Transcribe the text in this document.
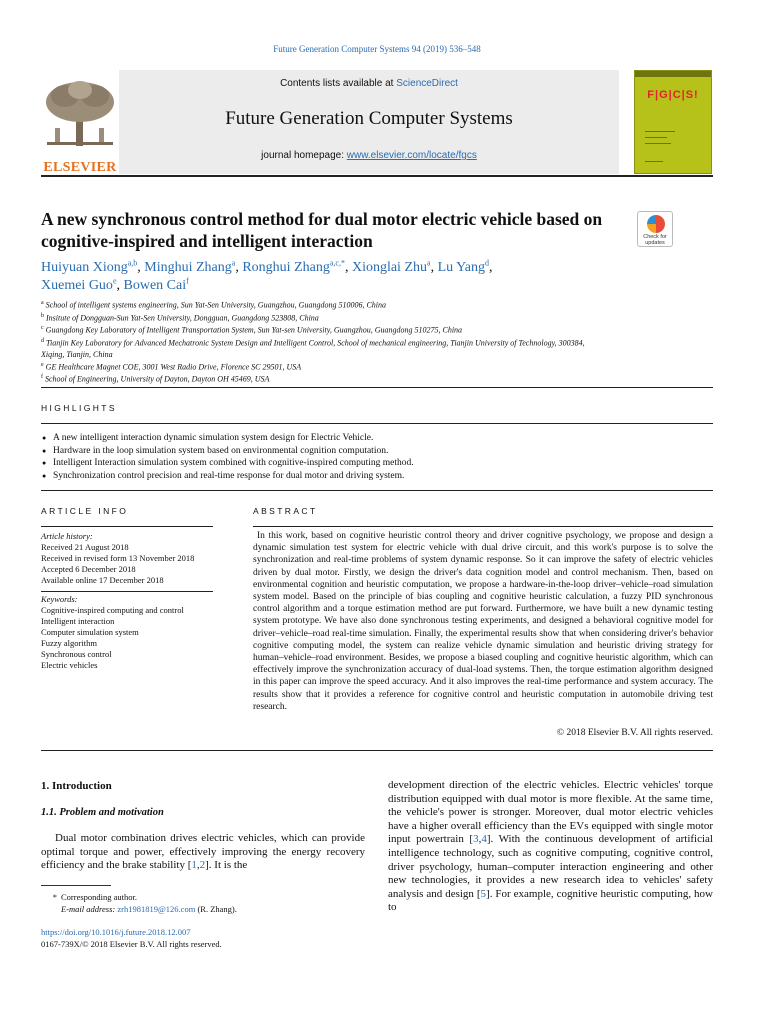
Future Generation Computer Systems 94 (2019) 536–548
ELSEVIER
Contents lists available at ScienceDirect
Future Generation Computer Systems
journal homepage: www.elsevier.com/locate/fgcs
F|G|C|S!
A new synchronous control method for dual motor electric vehicle based on cognitive-inspired and intelligent interaction	Check for updates
Huiyuan Xiong$^{a,b}$, Minghui Zhang$^a$, Ronghui Zhang$^{a,c,*}$, Xionglai Zhu$^a$, Lu Yang$^d$,
Xuemei Guo$^e$, Bowen Cai$^f$
$^a$ School of intelligent systems engineering, Sun Yat-Sen University, Guangzhou, Guangdong 510006, China
$^b$ Insitute of Dongguan-Sun Yat-Sen University, Dongguan, Guangdong 523808, China
$^c$ Guangdong Key Laboratory of Intelligent Transportation System, Sun Yat-sen University, Guangzhou, Guangdong 510275, China
$^d$ Tianjin Key Laboratory for Advanced Mechatronic System Design and Intelligent Control, School of mechanical engineering, Tianjin University of Technology, 300384, Xiqing, Tianjin, China
$^e$ GE Healthcare Magnet COE, 3001 West Radio Drive, Florence SC 29501, USA
$^f$ School of Engineering, University of Dayton, Dayton OH 45469, USA
HIGHLIGHTS
● A new intelligent interaction dynamic simulation system design for Electric Vehicle.
● Hardware in the loop simulation system based on environmental cognition computation.
● Intelligent Interaction simulation system combined with cognitive-inspired computing method.
● Synchronization control precision and real-time response for dual motor and driving system.
ARTICLE INFO	ABSTRACT
Article history:
Received 21 August 2018
Received in revised form 13 November 2018
Accepted 6 December 2018
Available online 17 December 2018
Keywords:
Cognitive-inspired computing and control
Intelligent interaction
Computer simulation system
Fuzzy algorithm
Synchronous control
Electric vehicles

In this work, based on cognitive heuristic control theory and driver cognitive psychology, we propose and design a dynamic simulation test system for electric vehicle with dual drive circuit, and this work's purpose is to solve the synchronization and real-time problems of system dynamic response. So it can improve the safety of electric vehicles driven by dual motor. Firstly, we design the driver's data cognition model and control mechanism. Then, based on environmental cognition and heuristic computation, we propose a hardware-in-the-loop driver–vehicle–road simulation system model. Based on the principle of bias coupling and cognitive heuristic calculation, a fuzzy PID synchronous control algorithm and a torque estimation method are put forward. Furthermore, we have built a new dynamic testing system prototype. We have also done synchronous testing experiments, and designed a behavioral cognitive model for driver–vehicle–road real-time simulation. Finally, the experimental results show that when considering driver's behavior cognitive computing model, the system can realize vehicle dynamic simulation and heuristic driving strategy for human–vehicle–road environment. Besides, we propose a biased coupling and cognitive heuristic algorithm, which can effectively improve the synchronization accuracy of dual-load systems. Then, the torque estimation algorithm designed in this paper can improve the speed accuracy. And it also improves the real-time performance and system accuracy. The results show that it provides a reference for cognitive control and heuristic computation in automobile driving test research.

© 2018 Elsevier B.V. All rights reserved.
1. Introduction
1.1. Problem and motivation

Dual motor combination drives electric vehicles, which can provide optimal torque and power, effectively improving the energy recovery efficiency and the brake stability [1,2]. It is the

development direction of the electric vehicles. Electric vehicles' torque distribution equipped with dual motor is more flexible. At the same time, the vehicle's power is stronger. Moreover, dual motor electric vehicles have a higher overall efficiency than the EVs equipped with single motor input powertrain [3,4]. With the continuous development of artificial intelligence technology, such as cognitive computing, cognitive control, driver psychology, human–computer interaction engineering and other new technologies, it provides a new research idea to vehicles' safety analysis and design [5]. For example, cognitive heuristic computing, how to

* Corresponding author.
E-mail address: zrh1981819@126.com (R. Zhang).
https://doi.org/10.1016/j.future.2018.12.007
0167-739X/© 2018 Elsevier B.V. All rights reserved.
